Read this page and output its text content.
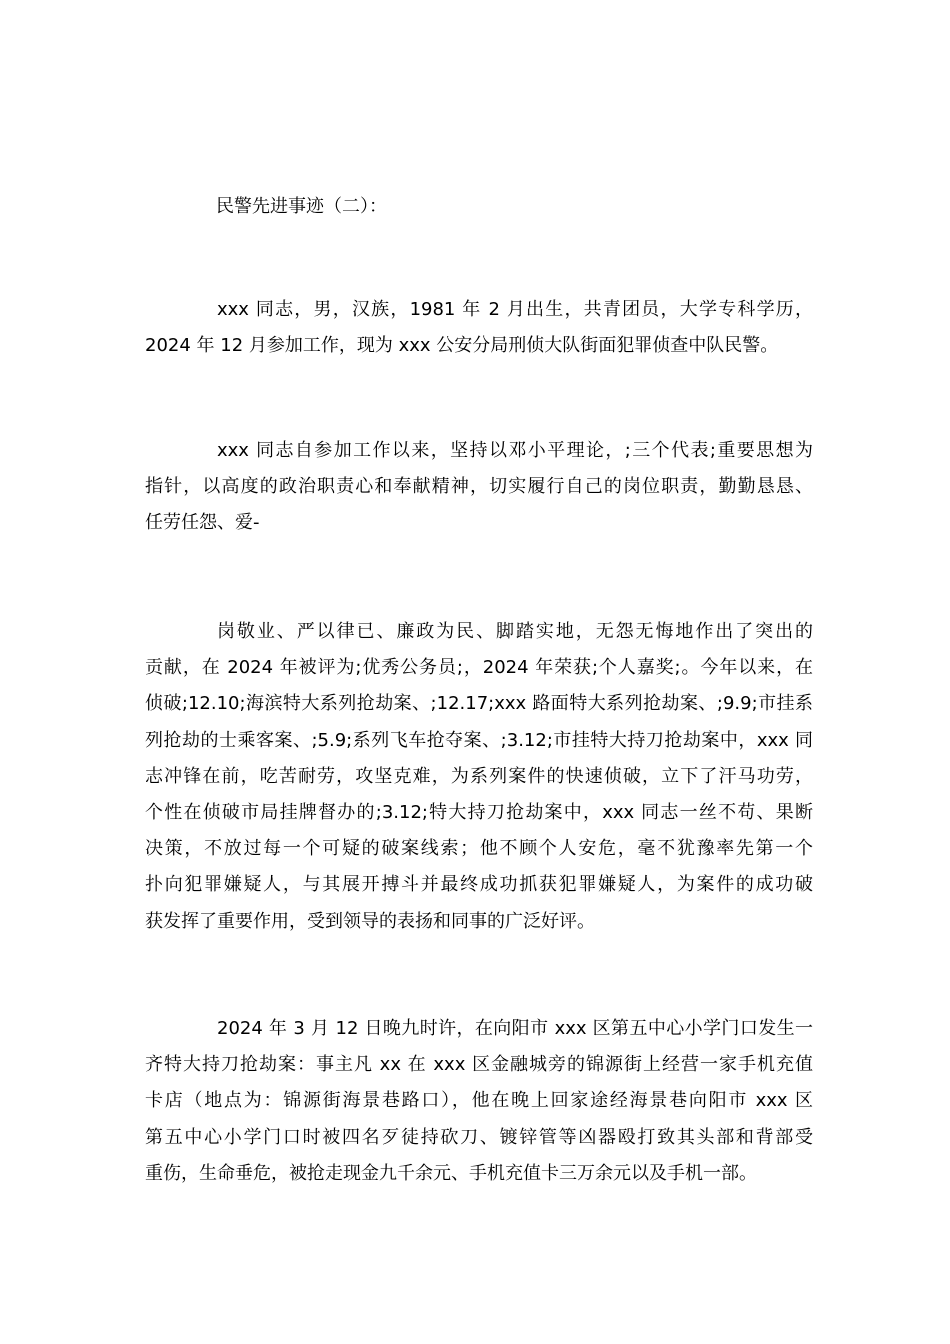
民警先进事迹（二）：

xxx 同志，男，汉族，1981 年 2 月出生，共青团员，大学专科学历，
2024 年 12 月参加工作，现为 xxx 公安分局刑侦大队街面犯罪侦查中队民警。
xxx 同志自参加工作以来，坚持以邓小平理论，;三个代表;重要思想为
指针，以高度的政治职责心和奉献精神，切实履行自己的岗位职责，勤勤恳恳、
任劳任怨、爱-
岗敬业、严以律已、廉政为民、脚踏实地，无怨无悔地作出了突出的
贡献，在 2024 年被评为;优秀公务员;，2024 年荣获;个人嘉奖;。今年以来，在
侦破;12.10;海滨特大系列抢劫案、;12.17;xxx 路面特大系列抢劫案、;9.9;市挂系
列抢劫的士乘客案、;5.9;系列飞车抢夺案、;3.12;市挂特大持刀抢劫案中，xxx 同
志冲锋在前，吃苦耐劳，攻坚克难，为系列案件的快速侦破，立下了汗马功劳，
个性在侦破市局挂牌督办的;3.12;特大持刀抢劫案中，xxx 同志一丝不苟、果断
决策，不放过每一个可疑的破案线索；他不顾个人安危，毫不犹豫率先第一个
扑向犯罪嫌疑人，与其展开搏斗并最终成功抓获犯罪嫌疑人，为案件的成功破
获发挥了重要作用，受到领导的表扬和同事的广泛好评。
2024 年 3 月 12 日晚九时许，在向阳市 xxx 区第五中心小学门口发生一
齐特大持刀抢劫案：事主凡 xx 在 xxx 区金融城旁的锦源街上经营一家手机充值
卡店（地点为：锦源街海景巷路口），他在晚上回家途经海景巷向阳市 xxx 区
第五中心小学门口时被四名歹徒持砍刀、镀锌管等凶器殴打致其头部和背部受
重伤，生命垂危，被抢走现金九千余元、手机充值卡三万余元以及手机一部。
